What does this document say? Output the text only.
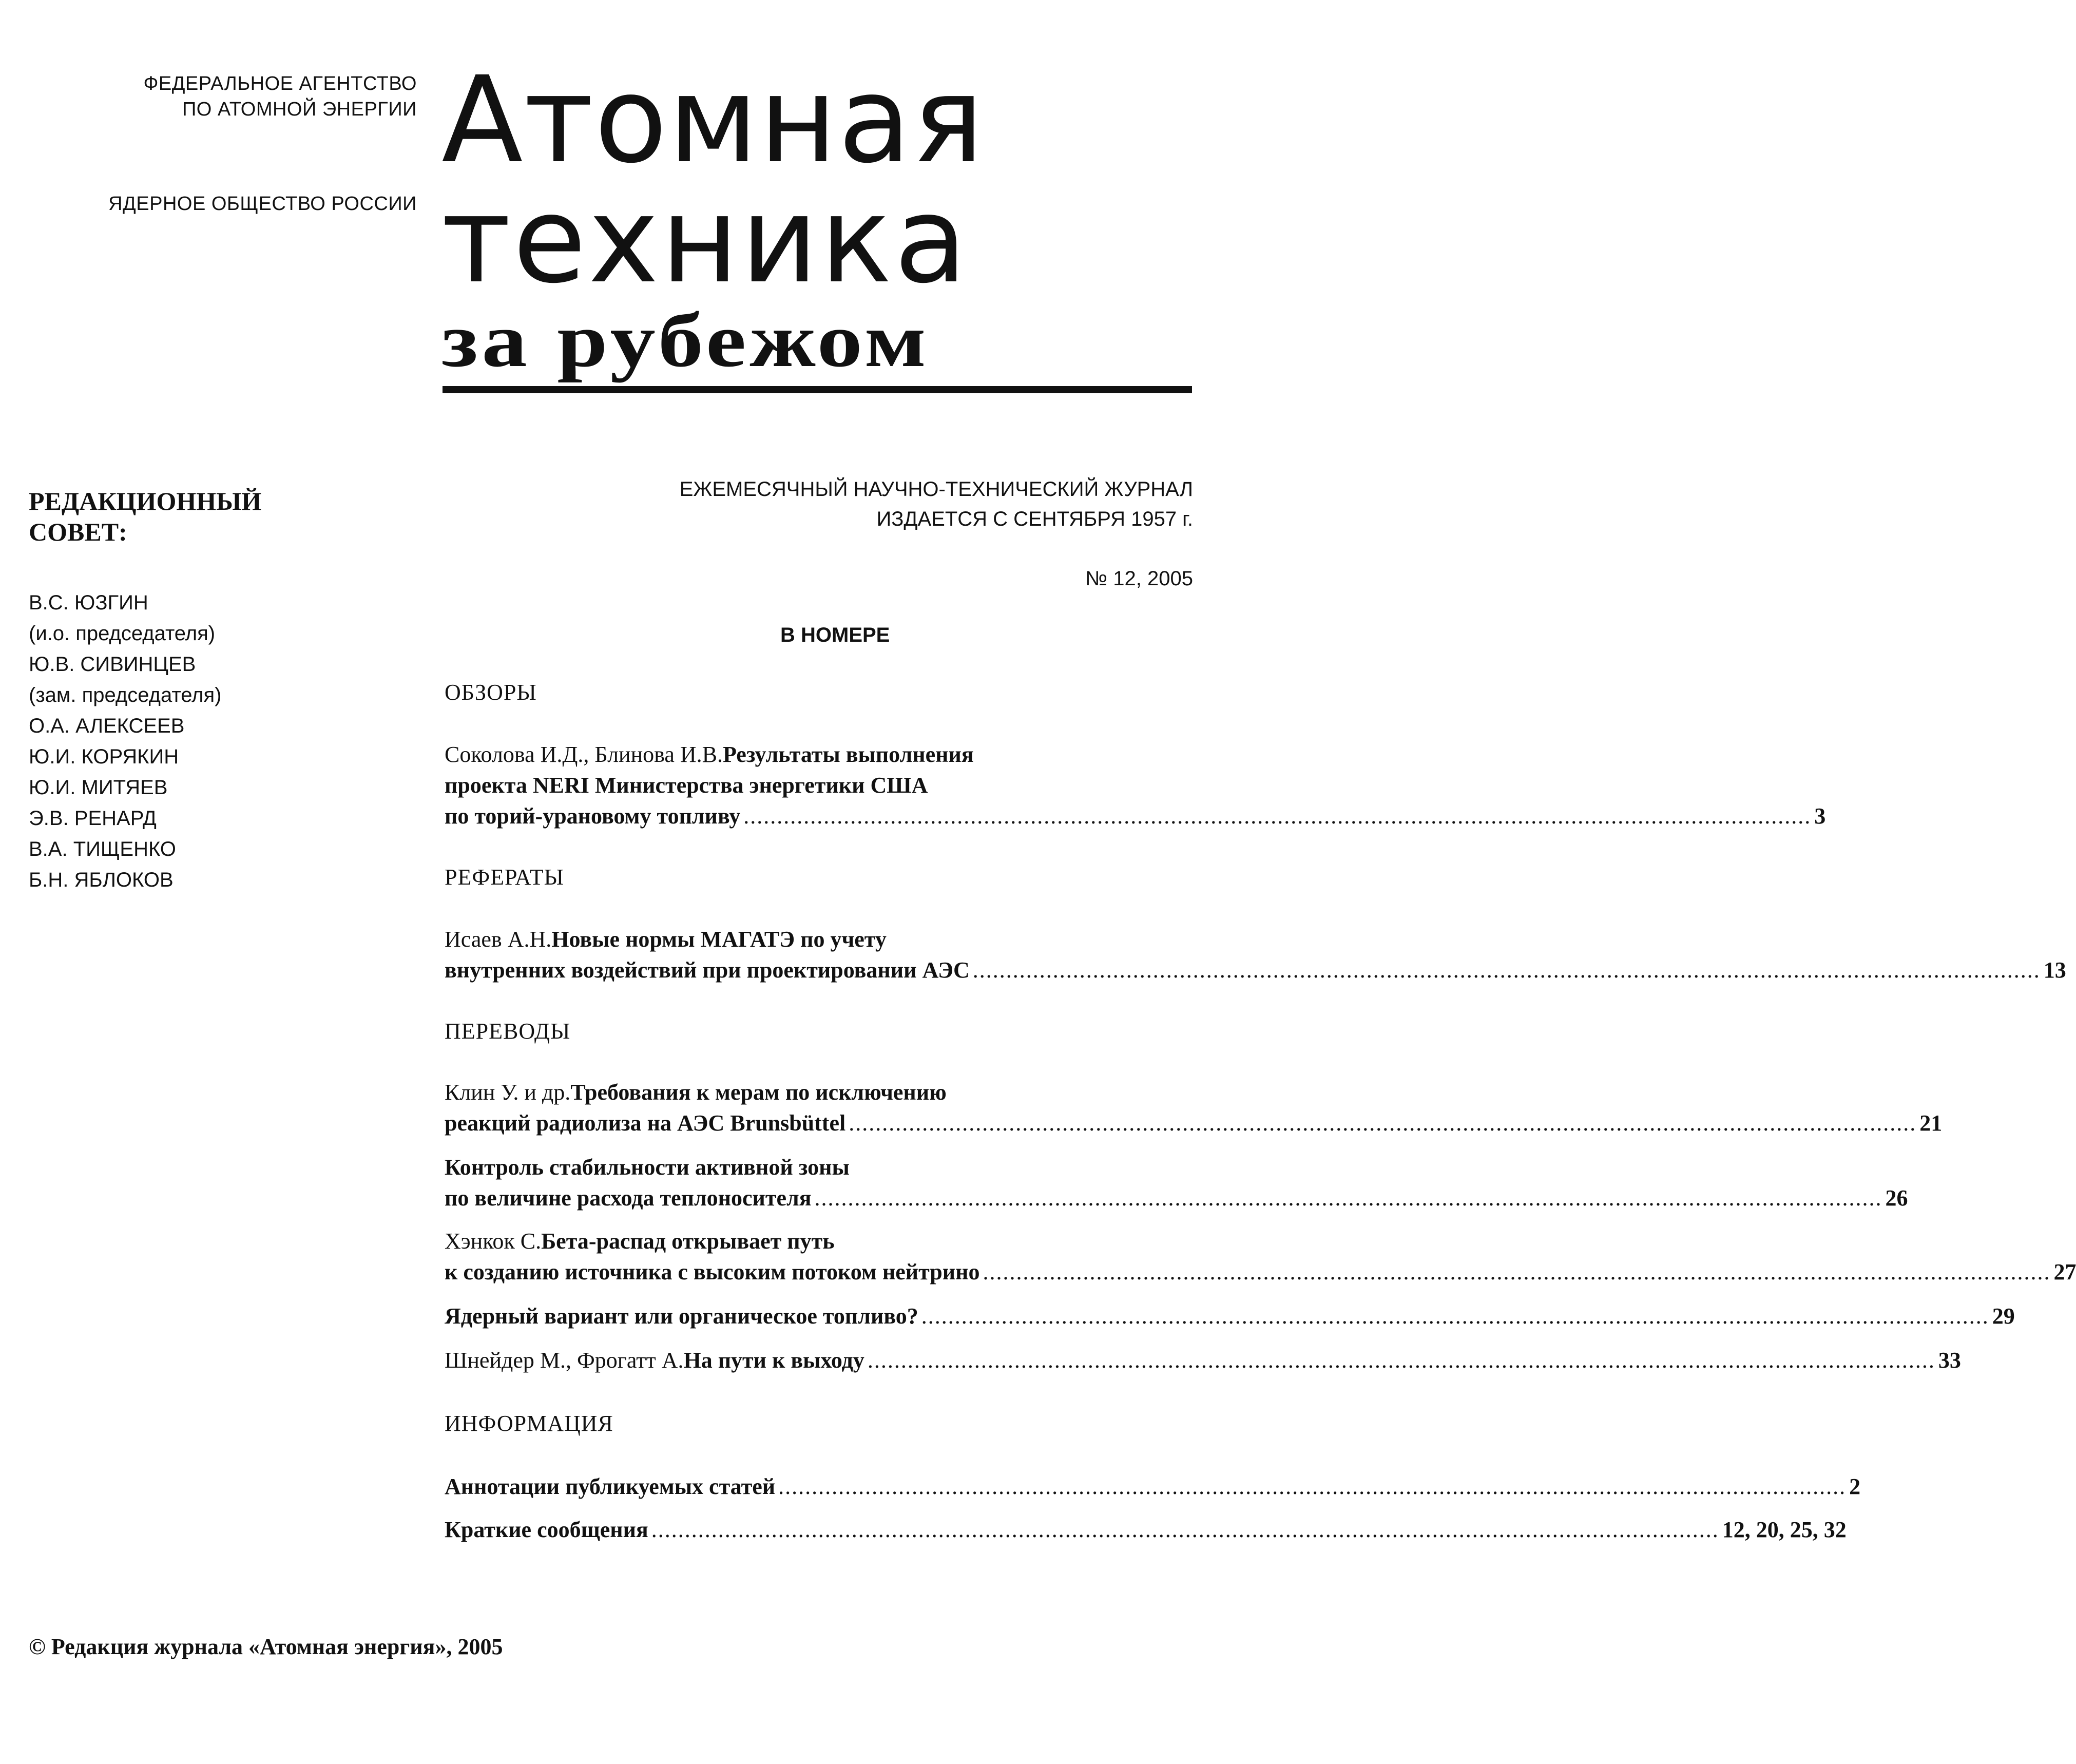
ФЕДЕРАЛЬНОЕ АГЕНТСТВО
ПО АТОМНОЙ ЭНЕРГИИ
ЯДЕРНОЕ ОБЩЕСТВО РОССИИ
Атомная
техника
за рубежом
РЕДАКЦИОННЫЙ
СОВЕТ:
В.С. ЮЗГИН
(и.о. председателя)
Ю.В. СИВИНЦЕВ
(зам. председателя)
О.А. АЛЕКСЕЕВ
Ю.И. КОРЯКИН
Ю.И. МИТЯЕВ
Э.В. РЕНАРД
В.А. ТИЩЕНКО
Б.Н. ЯБЛОКОВ
ЕЖЕМЕСЯЧНЫЙ НАУЧНО-ТЕХНИЧЕСКИЙ ЖУРНАЛ
ИЗДАЕТСЯ С СЕНТЯБРЯ 1957 г.
№ 12, 2005
В НОМЕРЕ
ОБЗОРЫ
Соколова И.Д., Блинова И.В. Результаты выполнения
проекта NERI Министерства энергетики США
по торий-урановому топливу ................................................................................................................................................................ 3
РЕФЕРАТЫ
Исаев А.Н. Новые нормы МАГАТЭ по учету
внутренних воздействий при проектировании АЭС ................................................................................................................................................................ 13
ПЕРЕВОДЫ
Клин У. и др. Требования к мерам по исключению
реакций радиолиза на АЭС Brunsbüttel ................................................................................................................................................................ 21
Контроль стабильности активной зоны
по величине расхода теплоносителя ................................................................................................................................................................ 26
Хэнкок С. Бета-распад открывает путь
к созданию источника с высоким потоком нейтрино ................................................................................................................................................................ 27
Ядерный вариант или органическое топливо? ................................................................................................................................................................ 29
Шнейдер М., Фрогатт А. На пути к выходу ................................................................................................................................................................ 33
ИНФОРМАЦИЯ
Аннотации публикуемых статей ................................................................................................................................................................ 2
Краткие сообщения ................................................................................................................................................................ 12, 20, 25, 32
© Редакция журнала «Атомная энергия», 2005
